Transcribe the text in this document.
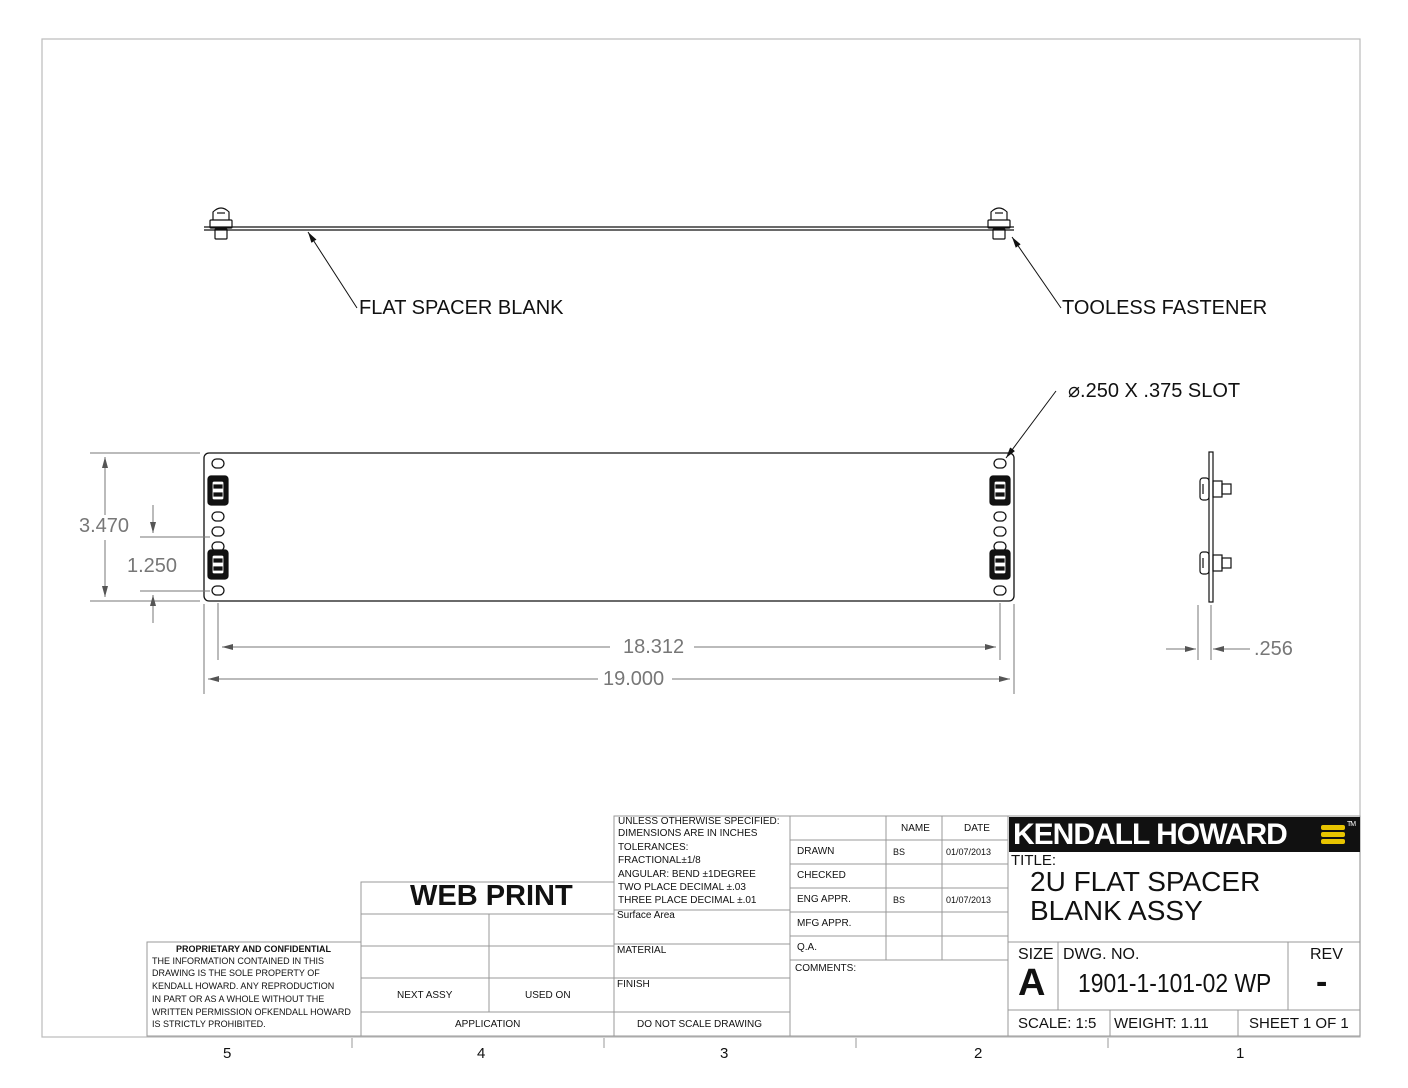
FLAT SPACER BLANK	TOOLESS FASTENER
⌀.250 X .375 SLOT
3.470
1.250
18.312
19.000
.256
5	4	3	2	1
WEB PRINT
PROPRIETARY AND CONFIDENTIAL
THE INFORMATION CONTAINED IN THIS
DRAWING IS THE SOLE PROPERTY OF
KENDALL HOWARD. ANY REPRODUCTION
IN PART OR AS A WHOLE WITHOUT THE
WRITTEN PERMISSION OFKENDALL HOWARD
IS STRICTLY PROHIBITED.
NEXT ASSY	USED ON
APPLICATION
UNLESS OTHERWISE SPECIFIED:
DIMENSIONS ARE IN INCHES
TOLERANCES:
FRACTIONAL±1/8
ANGULAR: BEND ±1DEGREE
TWO PLACE DECIMAL ±.03
THREE PLACE DECIMAL ±.01
Surface Area
MATERIAL
FINISH
DO NOT SCALE DRAWING
NAME	DATE
DRAWN	BS	01/07/2013
CHECKED
ENG APPR.	BS	01/07/2013
MFG APPR.
Q.A.
COMMENTS:
KENDALL HOWARD	TM
TITLE:
2U FLAT SPACER
BLANK ASSY
SIZE
A
DWG. NO.
1901-1-101-02 WP
REV
-
SCALE: 1:5 WEIGHT: 1.11	SHEET 1 OF 1
